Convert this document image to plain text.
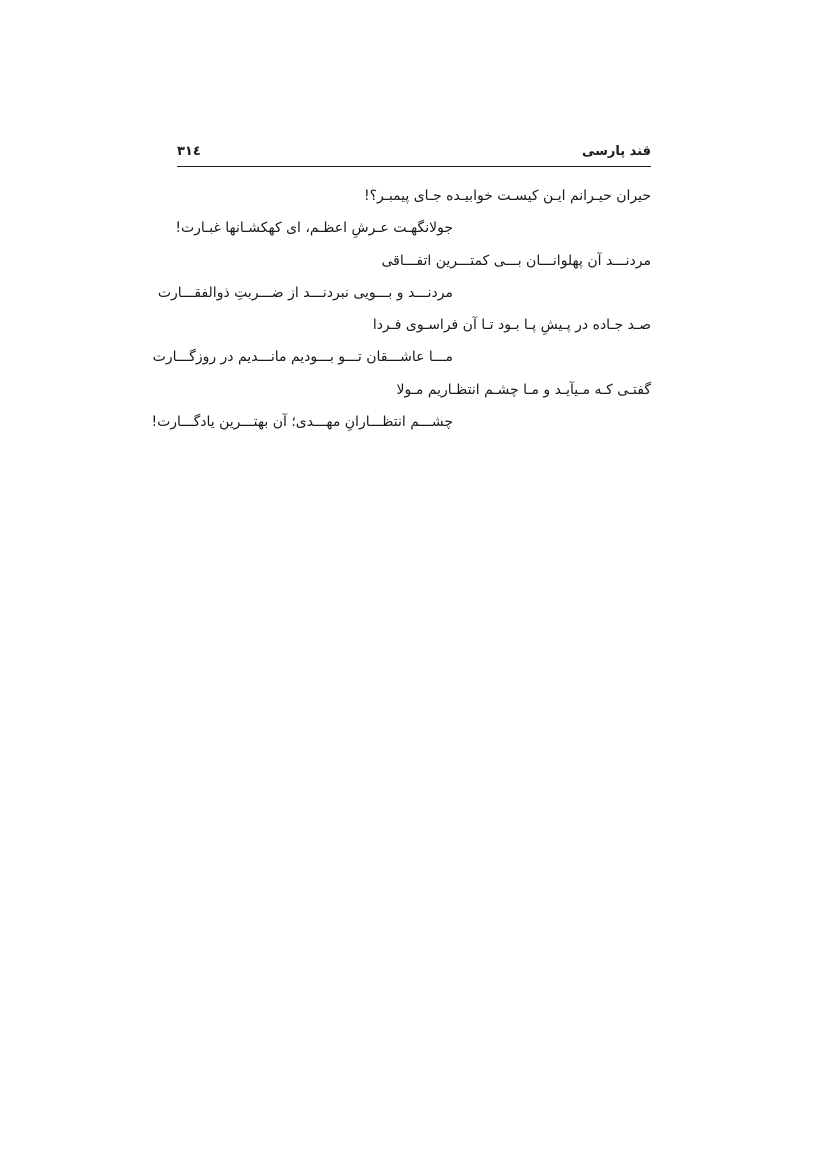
قند پارسی
۳۱٤
حیران حیـرانم ایـن کیسـت خوابیـده جـای پیمبـر؟!
جولانگهـت عـرشِ اعظـم، ای کهکشـانها غبـارت!
مردنـــد آن پهلوانـــان بـــی کمتـــرین اتفـــاقی
مردنـــد و بـــویی نبردنـــد از ضـــربتِ ذوالفقـــارت
صـد جـاده در پـیشِ پـا بـود تـا آن فراسـوی فـردا
مـــا عاشـــقان تـــو بـــودیم مانـــدیم در روزگـــارت
گفتـی کـه مـیآیـد و مـا چشـم انتظـاریم مـولا
چشـــم انتظـــارانِ مهـــدی؛ آن بهتـــرین یادگـــارت!
